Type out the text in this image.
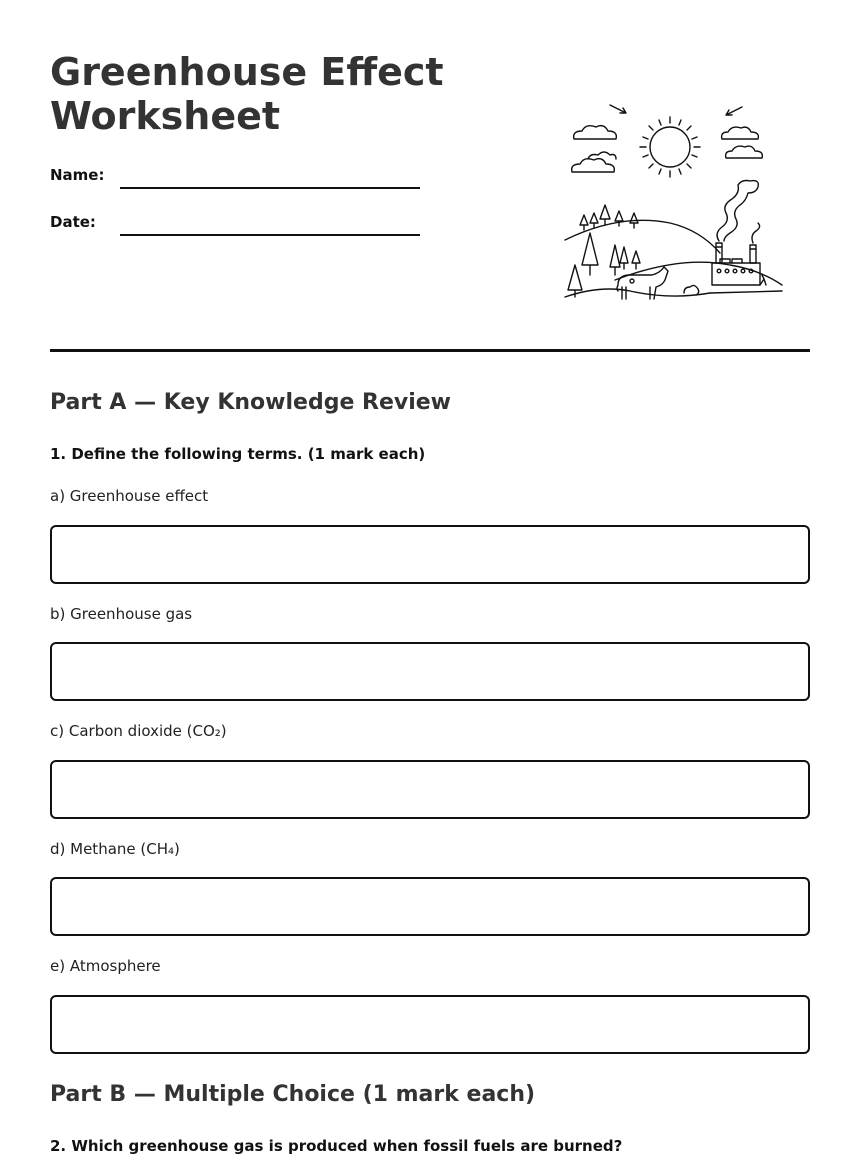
Greenhouse Effect Worksheet
Name:
Date:
Part A — Key Knowledge Review
1. Define the following terms. (1 mark each)
a) Greenhouse effect
b) Greenhouse gas
c) Carbon dioxide (CO₂)
d) Methane (CH₄)
e) Atmosphere
Part B — Multiple Choice (1 mark each)
2. Which greenhouse gas is produced when fossil fuels are burned?
